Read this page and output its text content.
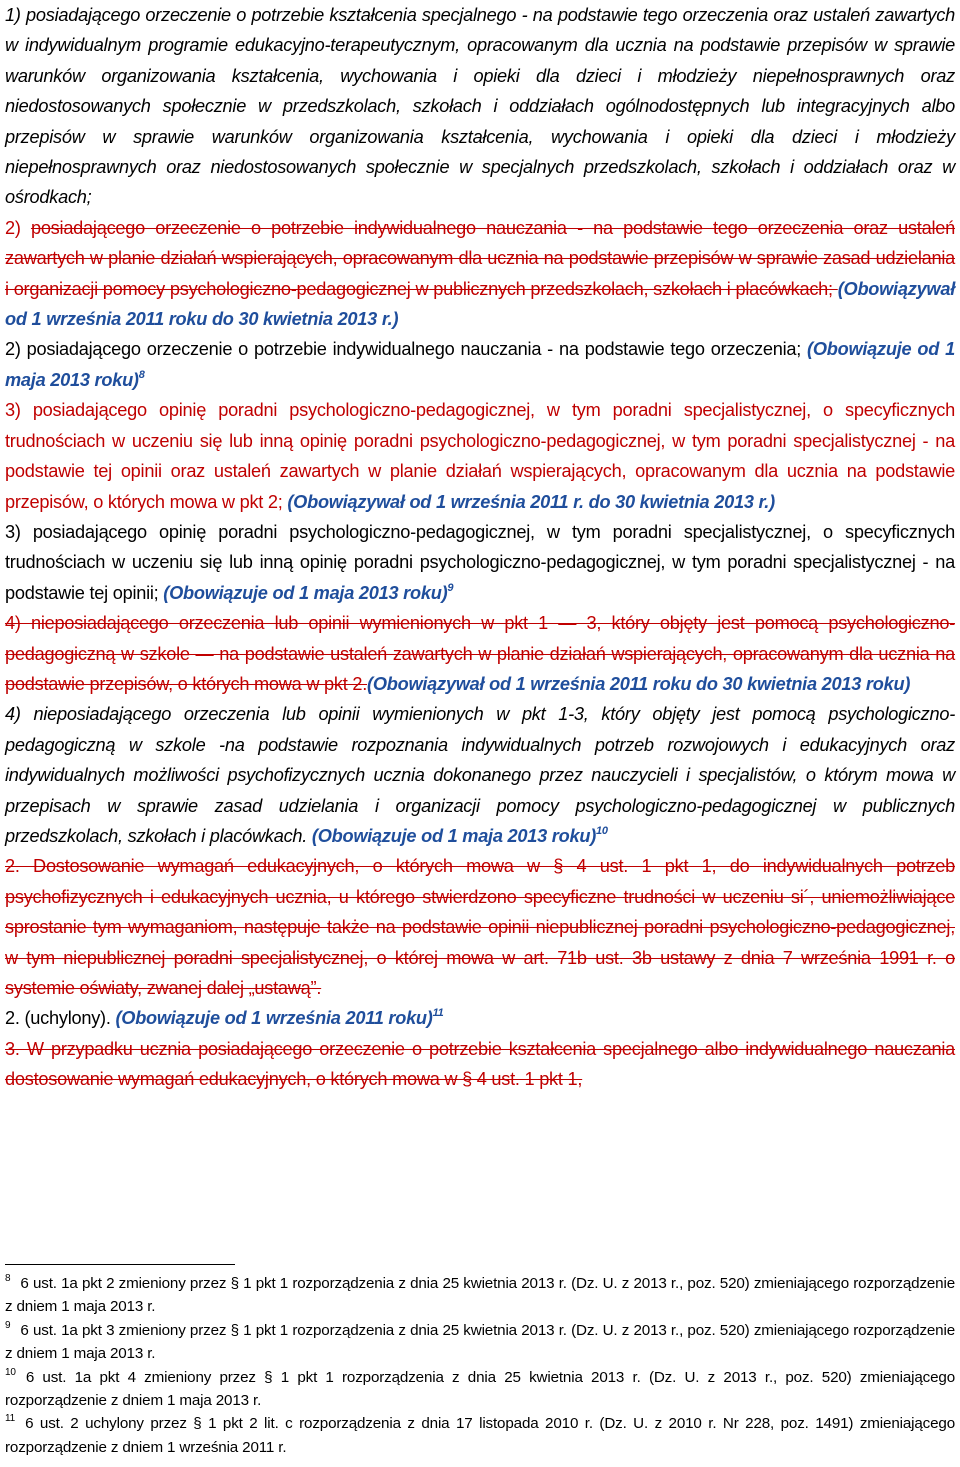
1) posiadającego orzeczenie o potrzebie kształcenia specjalnego - na podstawie tego orzeczenia oraz ustaleń zawartych w indywidualnym programie edukacyjno-terapeutycznym, opracowanym dla ucznia na podstawie przepisów w sprawie warunków organizowania kształcenia, wychowania i opieki dla dzieci i młodzieży niepełnosprawnych oraz niedostosowanych społecznie w przedszkolach, szkołach i oddziałach ogólnodostępnych lub integracyjnych albo przepisów w sprawie warunków organizowania kształcenia, wychowania i opieki dla dzieci i młodzieży niepełnosprawnych oraz niedostosowanych społecznie w specjalnych przedszkolach, szkołach i oddziałach oraz w ośrodkach;

2) posiadającego orzeczenie o potrzebie indywidualnego nauczania - na podstawie tego orzeczenia oraz ustaleń zawartych w planie działań wspierających, opracowanym dla ucznia na podstawie przepisów w sprawie zasad udzielania i organizacji pomocy psychologiczno-pedagogicznej w publicznych przedszkolach, szkołach i placówkach; (Obowiązywał od 1 września 2011 roku do 30 kwietnia 2013 r.)

2) posiadającego orzeczenie o potrzebie indywidualnego nauczania - na podstawie tego orzeczenia; (Obowiązuje od 1 maja 2013 roku)$^8$

3) posiadającego opinię poradni psychologiczno-pedagogicznej, w tym poradni specjalistycznej, o specyficznych trudnościach w uczeniu się lub inną opinię poradni psychologiczno-pedagogicznej, w tym poradni specjalistycznej - na podstawie tej opinii oraz ustaleń zawartych w planie działań wspierających, opracowanym dla ucznia na podstawie przepisów, o których mowa w pkt 2; (Obowiązywał od 1 września 2011 r. do 30 kwietnia 2013 r.)

3) posiadającego opinię poradni psychologiczno-pedagogicznej, w tym poradni specjalistycznej, o specyficznych trudnościach w uczeniu się lub inną opinię poradni psychologiczno-pedagogicznej, w tym poradni specjalistycznej - na podstawie tej opinii; (Obowiązuje od 1 maja 2013 roku)$^9$

4) nieposiadającego orzeczenia lub opinii wymienionych w pkt 1 — 3, który objęty jest pomocą psychologiczno-pedagogiczną w szkole — na podstawie ustaleń zawartych w planie działań wspierających, opracowanym dla ucznia na podstawie przepisów, o których mowa w pkt 2.(Obowiązywał od 1 września 2011 roku do 30 kwietnia 2013 roku)

4) nieposiadającego orzeczenia lub opinii wymienionych w pkt 1-3, który objęty jest pomocą psychologiczno-pedagogiczną w szkole -na podstawie rozpoznania indywidualnych potrzeb rozwojowych i edukacyjnych oraz indywidualnych możliwości psychofizycznych ucznia dokonanego przez nauczycieli i specjalistów, o którym mowa w przepisach w sprawie zasad udzielania i organizacji pomocy psychologiczno-pedagogicznej w publicznych przedszkolach, szkołach i placówkach. (Obowiązuje od 1 maja 2013 roku)$^{10}$

2. Dostosowanie wymagań edukacyjnych, o których mowa w § 4 ust. 1 pkt 1, do indywidualnych potrzeb psychofizycznych i edukacyjnych ucznia, u którego stwierdzono specyficzne trudności w uczeniu si´, uniemożliwiające sprostanie tym wymaganiom, następuje także na podstawie opinii niepublicznej poradni psychologiczno-pedagogicznej, w tym niepublicznej poradni specjalistycznej, o której mowa w art. 71b ust. 3b ustawy z dnia 7 września 1991 r. o systemie oświaty, zwanej dalej „ustawą”.

2. (uchylony). (Obowiązuje od 1 września 2011 roku)$^{11}$

3. W przypadku ucznia posiadającego orzeczenie o potrzebie kształcenia specjalnego albo indywidualnego nauczania dostosowanie wymagań edukacyjnych, o których mowa w § 4 ust. 1 pkt 1,

$^8$ 6 ust. 1a pkt 2 zmieniony przez § 1 pkt 1 rozporządzenia z dnia 25 kwietnia 2013 r. (Dz. U. z 2013 r., poz. 520) zmieniającego rozporządzenie z dniem 1 maja 2013 r.

$^9$ 6 ust. 1a pkt 3 zmieniony przez § 1 pkt 1 rozporządzenia z dnia 25 kwietnia 2013 r. (Dz. U. z 2013 r., poz. 520) zmieniającego rozporządzenie z dniem 1 maja 2013 r.

$^{10}$ 6 ust. 1a pkt 4 zmieniony przez § 1 pkt 1 rozporządzenia z dnia 25 kwietnia 2013 r. (Dz. U. z 2013 r., poz. 520) zmieniającego rozporządzenie z dniem 1 maja 2013 r.

$^{11}$ 6 ust. 2 uchylony przez § 1 pkt 2 lit. c rozporządzenia z dnia 17 listopada 2010 r. (Dz. U. z 2010 r. Nr 228, poz. 1491) zmieniającego rozporządzenie z dniem 1 września 2011 r.
